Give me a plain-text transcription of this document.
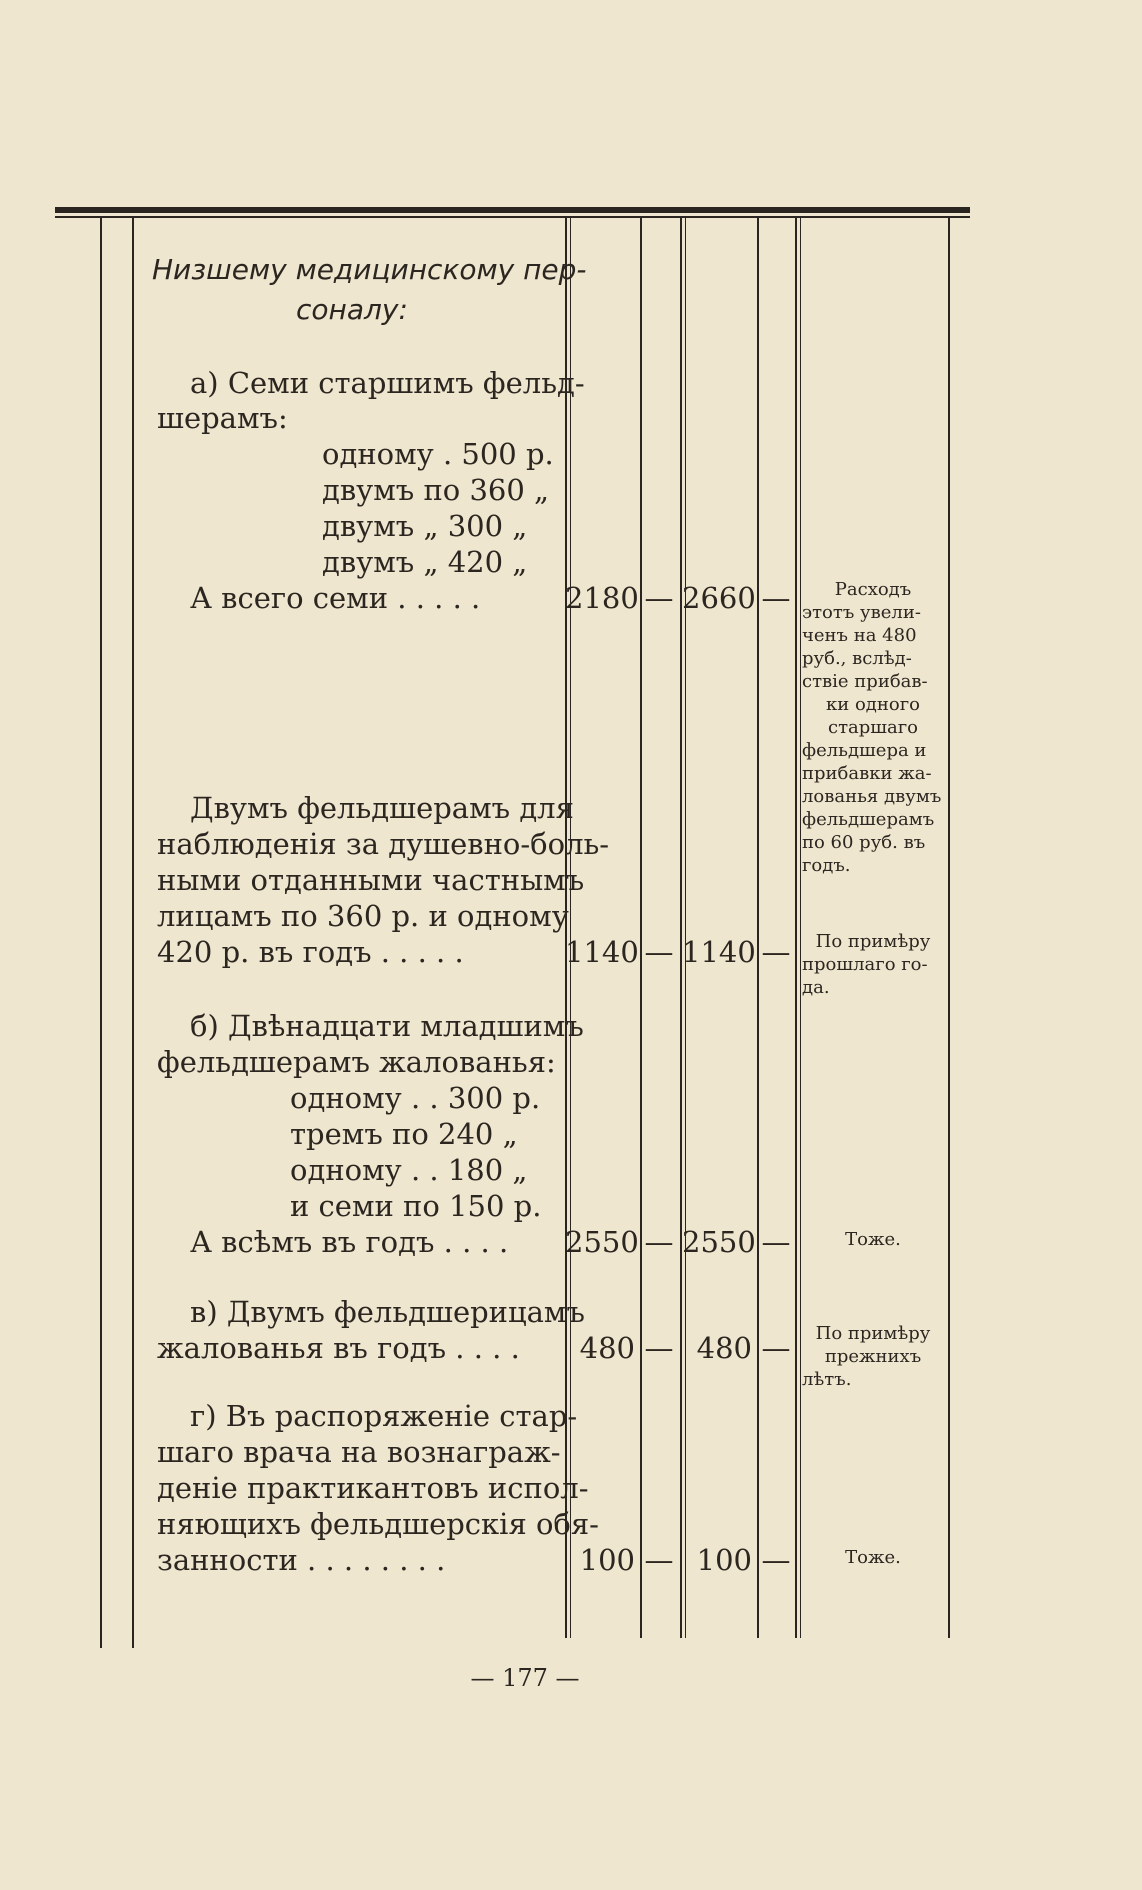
Низшему медицинскому пер-
соналу:
а) Семи старшимъ фельд-
шерамъ:
одному . 500 р.
двумъ по 360 „
двумъ „ 300 „
двумъ „ 420 „
А всего семи . . . . .	2180 — 2660 —	Расходъ
этотъ увели-
ченъ на 480
руб., вслѣд-
ствіе прибав-
ки одного
старшаго
фельдшера и
прибавки жа-
лованья двумъ
фельдшерамъ
по 60 руб. въ
годъ.
Двумъ фельдшерамъ для
наблюденія за душевно-боль-
ными отданными частнымъ
лицамъ по 360 р. и одному
420 р. въ годъ . . . . .	1140 — 1140 —	По примѣру
прошлаго го-
да.
б) Двѣнадцати младшимъ
фельдшерамъ жалованья:
одному . . 300 р.
тремъ по 240 „
одному . . 180 „
и семи по 150 р.
А всѣмъ въ годъ . . . . 2550 — 2550 —	Тоже.
в) Двумъ фельдшерицамъ
жалованья въ годъ . . . .	480 — 480 —	По примѣру
прежнихъ
лѣтъ.
г) Въ распоряженіе стар-
шаго врача на вознаграж-
деніе практикантовъ испол-
няющихъ фельдшерскія обя-
занности . . . . . . . .	100 — 100 —	Тоже.
— 177 —
